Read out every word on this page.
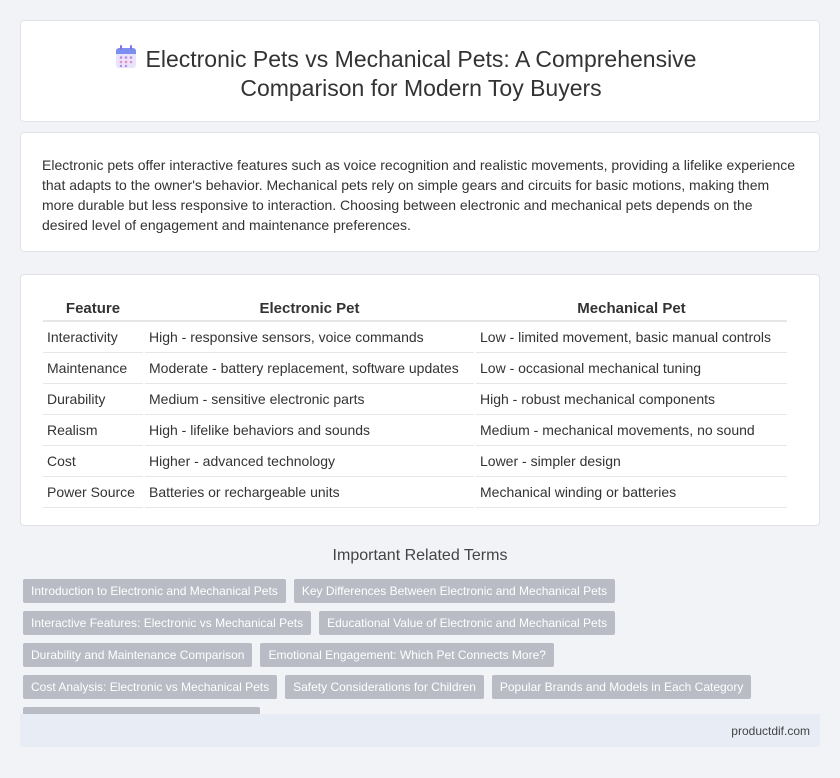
Electronic Pets vs Mechanical Pets: A Comprehensive Comparison for Modern Toy Buyers

Electronic pets offer interactive features such as voice recognition and realistic movements, providing a lifelike experience that adapts to the owner's behavior. Mechanical pets rely on simple gears and circuits for basic motions, making them more durable but less responsive to interaction. Choosing between electronic and mechanical pets depends on the desired level of engagement and maintenance preferences.

Feature	Electronic Pet	Mechanical Pet
Interactivity	High - responsive sensors, voice commands	Low - limited movement, basic manual controls
Maintenance	Moderate - battery replacement, software updates	Low - occasional mechanical tuning
Durability	Medium - sensitive electronic parts	High - robust mechanical components
Realism	High - lifelike behaviors and sounds	Medium - mechanical movements, no sound
Cost	Higher - advanced technology	Lower - simpler design
Power Source	Batteries or rechargeable units	Mechanical winding or batteries
Important Related Terms
Introduction to Electronic and Mechanical Pets	Key Differences Between Electronic and Mechanical Pets
Interactive Features: Electronic vs Mechanical Pets	Educational Value of Electronic and Mechanical Pets
Durability and Maintenance Comparison	Emotional Engagement: Which Pet Connects More?
Cost Analysis: Electronic vs Mechanical Pets	Safety Considerations for Children	Popular Brands and Models in Each Category
productdif.com
